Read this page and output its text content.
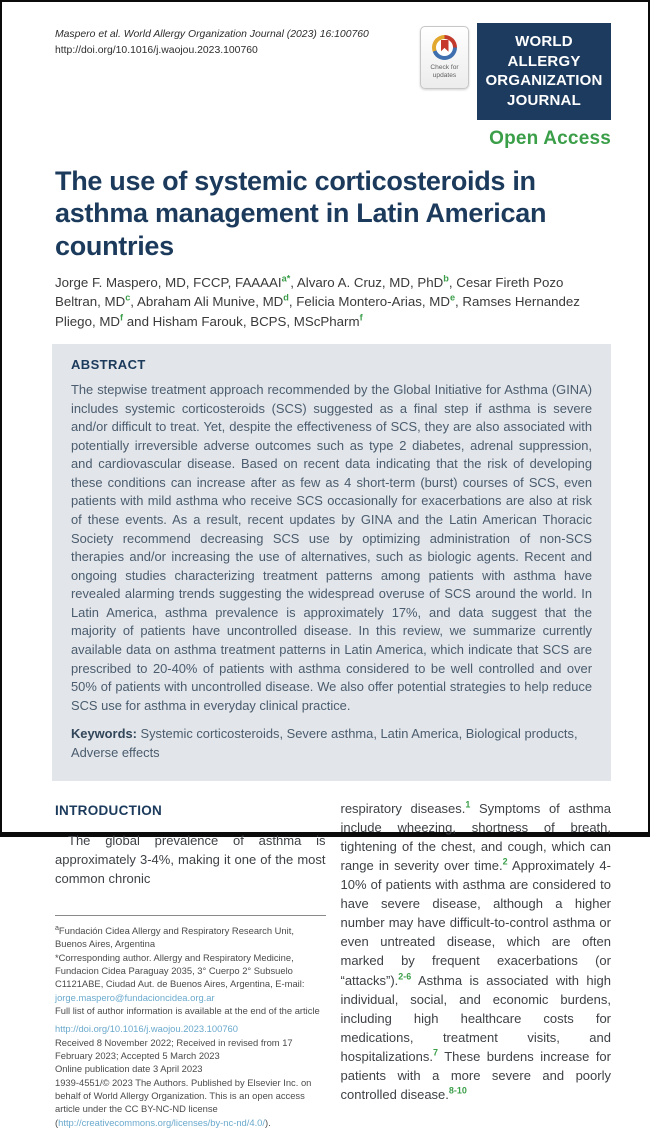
Maspero et al. World Allergy Organization Journal (2023) 16:100760
http://doi.org/10.1016/j.waojou.2023.100760
Check for updates
WORLD ALLERGY
ORGANIZATION
JOURNAL
Open Access
The use of systemic corticosteroids in asthma management in Latin American countries

Jorge F. Maspero, MD, FCCP, FAAAAI$^{a*}$, Alvaro A. Cruz, MD, PhD$^b$, Cesar Fireth Pozo Beltran, MD$^c$, Abraham Ali Munive, MD$^d$, Felicia Montero-Arias, MDe, Ramses Hernandez Pliego, MD$^f$ and Hisham Farouk, BCPS, MScPharm$^f$

ABSTRACT

The stepwise treatment approach recommended by the Global Initiative for Asthma (GINA) includes systemic corticosteroids (SCS) suggested as a final step if asthma is severe and/or difficult to treat. Yet, despite the effectiveness of SCS, they are also associated with potentially irreversible adverse outcomes such as type 2 diabetes, adrenal suppression, and cardiovascular disease. Based on recent data indicating that the risk of developing these conditions can increase after as few as 4 short-term (burst) courses of SCS, even patients with mild asthma who receive SCS occasionally for exacerbations are also at risk of these events. As a result, recent updates by GINA and the Latin American Thoracic Society recommend decreasing SCS use by optimizing administration of non-SCS therapies and/or increasing the use of alternatives, such as biologic agents. Recent and ongoing studies characterizing treatment patterns among patients with asthma have revealed alarming trends suggesting the widespread overuse of SCS around the world. In Latin America, asthma prevalence is approximately 17%, and data suggest that the majority of patients have uncontrolled disease. In this review, we summarize currently available data on asthma treatment patterns in Latin America, which indicate that SCS are prescribed to 20-40% of patients with asthma considered to be well controlled and over 50% of patients with uncontrolled disease. We also offer potential strategies to help reduce SCS use for asthma in everyday clinical practice.

Keywords: Systemic corticosteroids, Severe asthma, Latin America, Biological products, Adverse effects

INTRODUCTION

The global prevalence of asthma is approximately 3-4%, making it one of the most common chronic

$^a$Fundación Cidea Allergy and Respiratory Research Unit, Buenos Aires, Argentina

*Corresponding author. Allergy and Respiratory Medicine, Fundacion Cidea Paraguay 2035, 3° Cuerpo 2° Subsuelo C1121ABE, Ciudad Aut. de Buenos Aires, Argentina, E-mail: jorge.maspero@fundacioncidea.org.ar

Full list of author information is available at the end of the article

http://doi.org/10.1016/j.waojou.2023.100760

Received 8 November 2022; Received in revised from 17 February 2023; Accepted 5 March 2023

Online publication date 3 April 2023

1939-4551/© 2023 The Authors. Published by Elsevier Inc. on behalf of World Allergy Organization. This is an open access article under the CC BY-NC-ND license (http://creativecommons.org/licenses/by-nc-nd/4.0/).

respiratory diseases.$^1$ Symptoms of asthma include wheezing, shortness of breath, tightening of the chest, and cough, which can range in severity over time.$^2$ Approximately 4-10% of patients with asthma are considered to have severe disease, although a higher number may have difficult-to-control asthma or even untreated disease, which are often marked by frequent exacerbations (or “attacks”).$^{2-6}$ Asthma is associated with high individual, social, and economic burdens, including high healthcare costs for medications, treatment visits, and hospitalizations.$^7$ These burdens increase for patients with a more severe and poorly controlled disease.$^{8-10}$
